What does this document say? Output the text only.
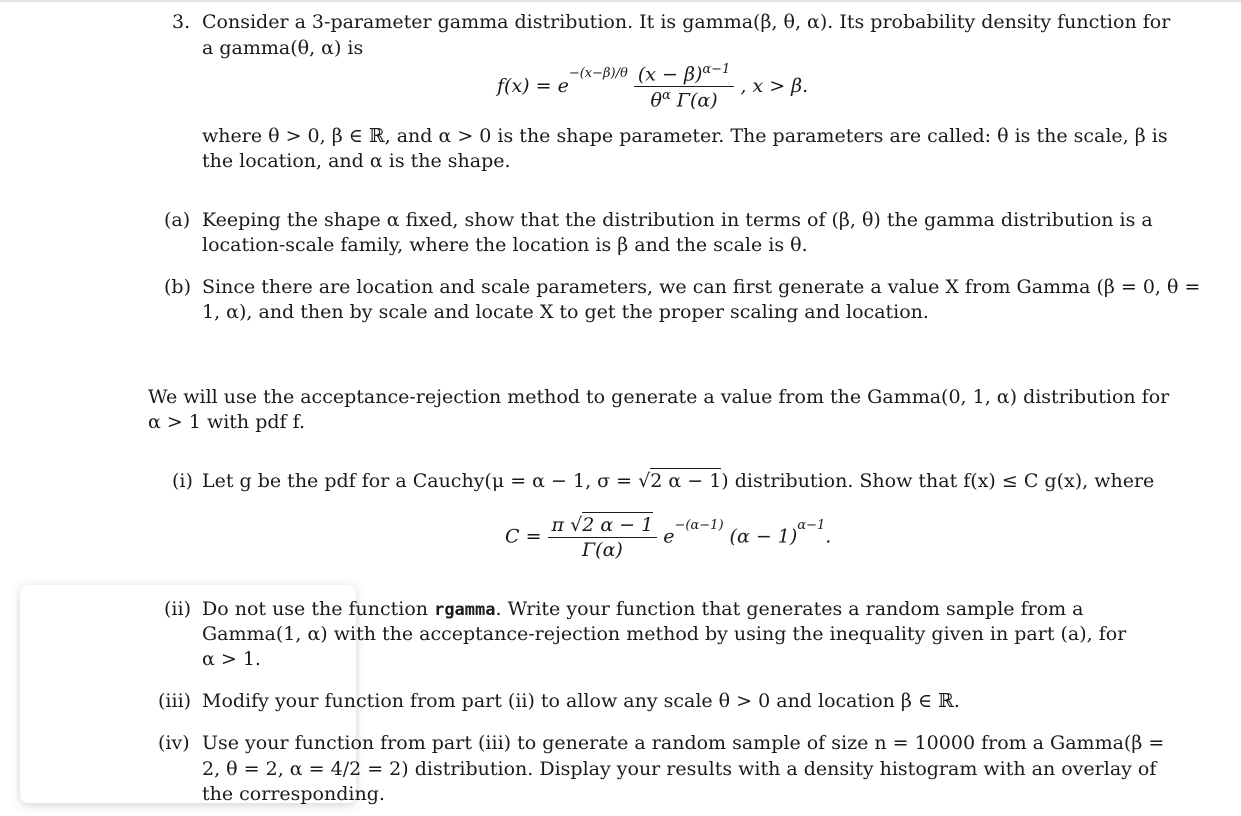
3. Consider a 3-parameter gamma distribution. It is gamma(β, θ, α). Its probability density function for
a gamma(θ, α) is
$f(x) = e^{-(x-\beta)/\theta} \frac{(x - \beta)^{\alpha-1}}{\theta^\alpha \Gamma(\alpha)}$ , x > β.
where θ > 0, β ∈ ℝ, and α > 0 is the shape parameter. The parameters are called: θ is the scale, β is
the location, and α is the shape.
(a) Keeping the shape α fixed, show that the distribution in terms of (β, θ) the gamma distribution is a
location-scale family, where the location is β and the scale is θ.
(b) Since there are location and scale parameters, we can first generate a value X from Gamma (β = 0, θ =
1, α), and then by scale and locate X to get the proper scaling and location.
We will use the acceptance-rejection method to generate a value from the Gamma(0, 1, α) distribution for
α > 1 with pdf f.
(i) Let g be the pdf for a Cauchy(μ = α − 1, σ = √2 α − 1) distribution. Show that f(x) ≤ C g(x), where
$C = \frac{\pi √2 \alpha - 1}{\Gamma(\alpha)} e^{-(\alpha-1)}$ $(\alpha - 1)^{\alpha-1}$.
(ii) Do not use the function rgamma. Write your function that generates a random sample from a
Gamma(1, α) with the acceptance-rejection method by using the inequality given in part (a), for
α > 1.
(iii) Modify your function from part (ii) to allow any scale θ > 0 and location β ∈ ℝ.
(iv) Use your function from part (iii) to generate a random sample of size n = 10000 from a Gamma(β =
2, θ = 2, α = 4/2 = 2) distribution. Display your results with a density histogram with an overlay of
the corresponding.
